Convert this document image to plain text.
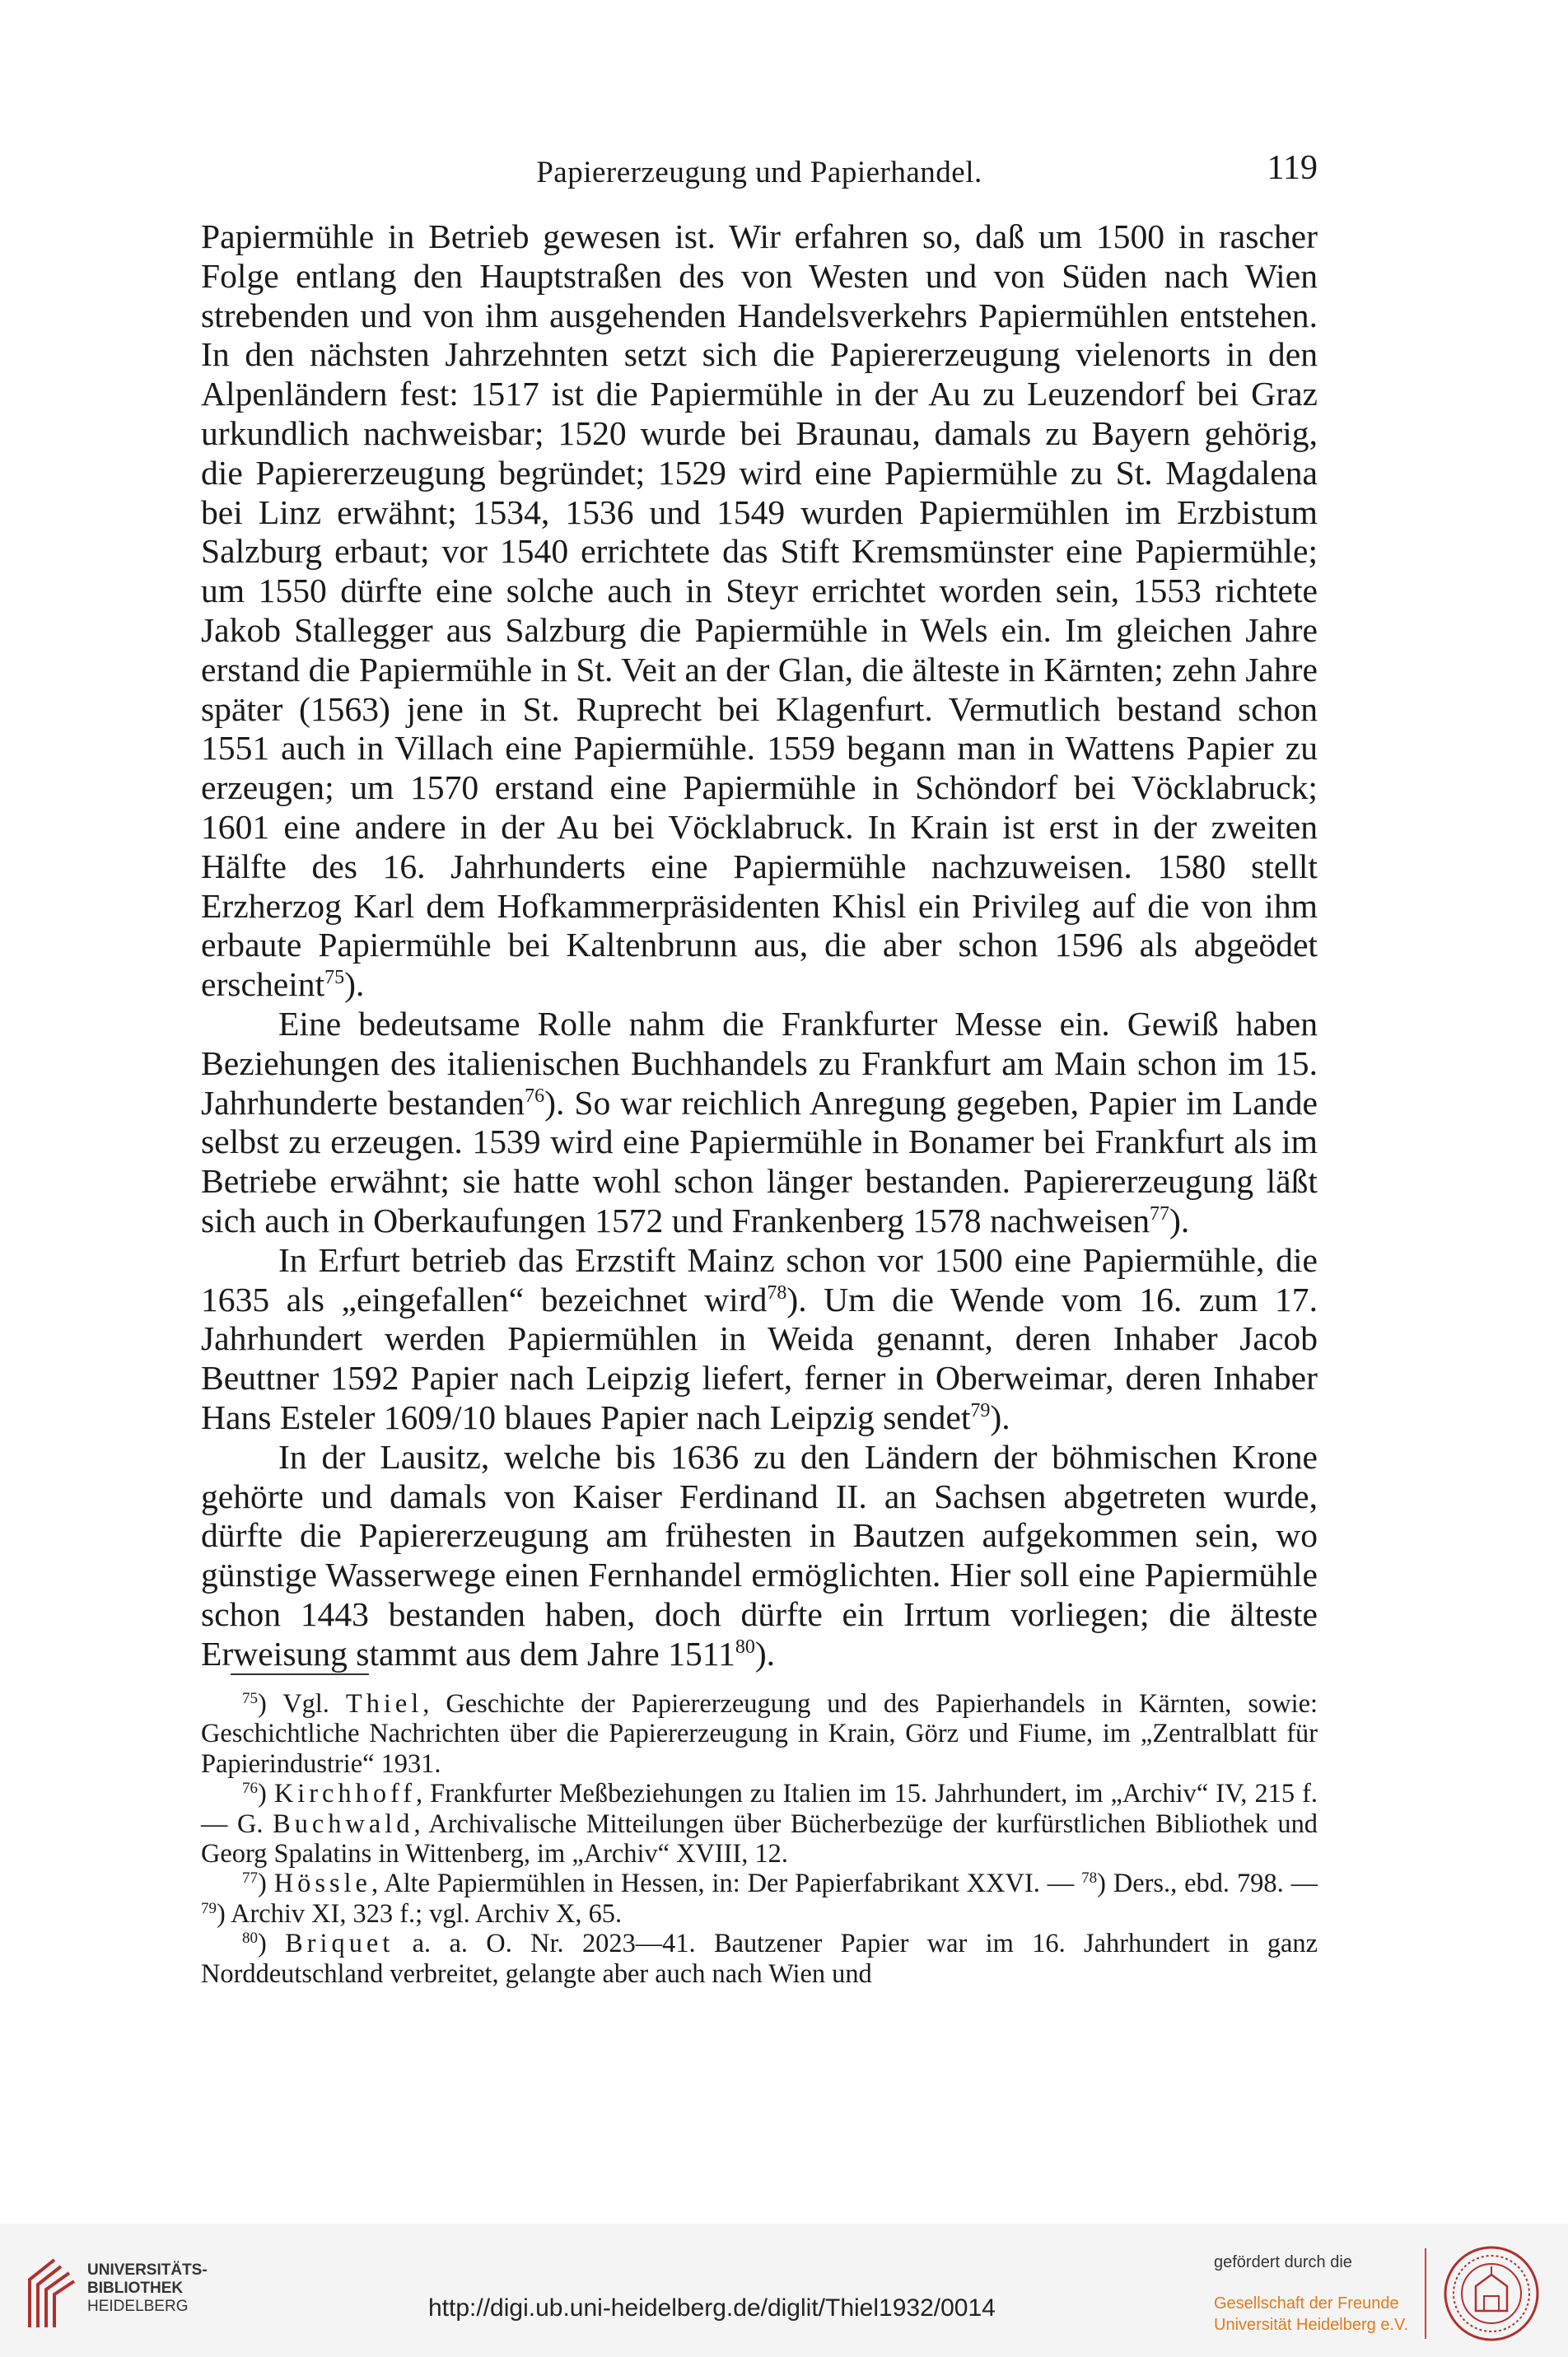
Papiererzeugung und Papierhandel.	119

Papiermühle in Betrieb gewesen ist. Wir erfahren so, daß um 1500 in rascher Folge entlang den Hauptstraßen des von Westen und von Süden nach Wien strebenden und von ihm ausgehenden Handelsverkehrs Papiermühlen entstehen. In den nächsten Jahrzehnten setzt sich die Papiererzeugung vielenorts in den Alpenländern fest: 1517 ist die Papiermühle in der Au zu Leuzendorf bei Graz urkundlich nachweisbar; 1520 wurde bei Braunau, damals zu Bayern gehörig, die Papiererzeugung begründet; 1529 wird eine Papiermühle zu St. Magdalena bei Linz erwähnt; 1534, 1536 und 1549 wurden Papiermühlen im Erzbistum Salzburg erbaut; vor 1540 errichtete das Stift Kremsmünster eine Papiermühle; um 1550 dürfte eine solche auch in Steyr errichtet worden sein, 1553 richtete Jakob Stallegger aus Salzburg die Papiermühle in Wels ein. Im gleichen Jahre erstand die Papiermühle in St. Veit an der Glan, die älteste in Kärnten; zehn Jahre später (1563) jene in St. Ruprecht bei Klagenfurt. Vermutlich bestand schon 1551 auch in Villach eine Papiermühle. 1559 begann man in Wattens Papier zu erzeugen; um 1570 erstand eine Papiermühle in Schöndorf bei Vöcklabruck; 1601 eine andere in der Au bei Vöcklabruck. In Krain ist erst in der zweiten Hälfte des 16. Jahrhunderts eine Papiermühle nachzuweisen. 1580 stellt Erzherzog Karl dem Hofkammerpräsidenten Khisl ein Privileg auf die von ihm erbaute Papiermühle bei Kaltenbrunn aus, die aber schon 1596 als abgeödet erscheint$^{75}$).

Eine bedeutsame Rolle nahm die Frankfurter Messe ein. Gewiß haben Beziehungen des italienischen Buchhandels zu Frankfurt am Main schon im 15. Jahrhunderte bestanden$^{76}$). So war reichlich Anregung gegeben, Papier im Lande selbst zu erzeugen. 1539 wird eine Papiermühle in Bonamer bei Frankfurt als im Betriebe erwähnt; sie hatte wohl schon länger bestanden. Papiererzeugung läßt sich auch in Oberkaufungen 1572 und Frankenberg 1578 nachweisen$^{77}$).

In Erfurt betrieb das Erzstift Mainz schon vor 1500 eine Papiermühle, die 1635 als „eingefallen“ bezeichnet wird$^{78}$). Um die Wende vom 16. zum 17. Jahrhundert werden Papiermühlen in Weida genannt, deren Inhaber Jacob Beuttner 1592 Papier nach Leipzig liefert, ferner in Oberweimar, deren Inhaber Hans Esteler 1609/10 blaues Papier nach Leipzig sendet$^{79}$).

In der Lausitz, welche bis 1636 zu den Ländern der böhmischen Krone gehörte und damals von Kaiser Ferdinand II. an Sachsen abgetreten wurde, dürfte die Papiererzeugung am frühesten in Bautzen aufgekommen sein, wo günstige Wasserwege einen Fernhandel ermöglichten. Hier soll eine Papiermühle schon 1443 bestanden haben, doch dürfte ein Irrtum vorliegen; die älteste Erweisung stammt aus dem Jahre 1511$^{80}$).

$^{75}$) Vgl. Thiel, Geschichte der Papiererzeugung und des Papierhandels in Kärnten, sowie: Geschichtliche Nachrichten über die Papiererzeugung in Krain, Görz und Fiume, im „Zentralblatt für Papierindustrie“ 1931.

$^{76}$) Kirchhoff, Frankfurter Meßbeziehungen zu Italien im 15. Jahrhundert, im „Archiv“ IV, 215 f. — G. Buchwald, Archivalische Mitteilungen über Bücherbezüge der kurfürstlichen Bibliothek und Georg Spalatins in Wittenberg, im „Archiv“ XVIII, 12.

$^{77}$) Hössle, Alte Papiermühlen in Hessen, in: Der Papierfabrikant XXVI. — $^{78}$) Ders., ebd. 798. — $^{79}$) Archiv XI, 323 f.; vgl. Archiv X, 65.

$^{80}$) Briquet a. a. O. Nr. 2023—41. Bautzener Papier war im 16. Jahrhundert in ganz Norddeutschland verbreitet, gelangte aber auch nach Wien und

UNIVERSITÄTS-
BIBLIOTHEK
HEIDELBERG	http://digi.ub.uni-heidelberg.de/diglit/Thiel1932/0014
gefördert durch die
Gesellschaft der Freunde
Universität Heidelberg e.V.
